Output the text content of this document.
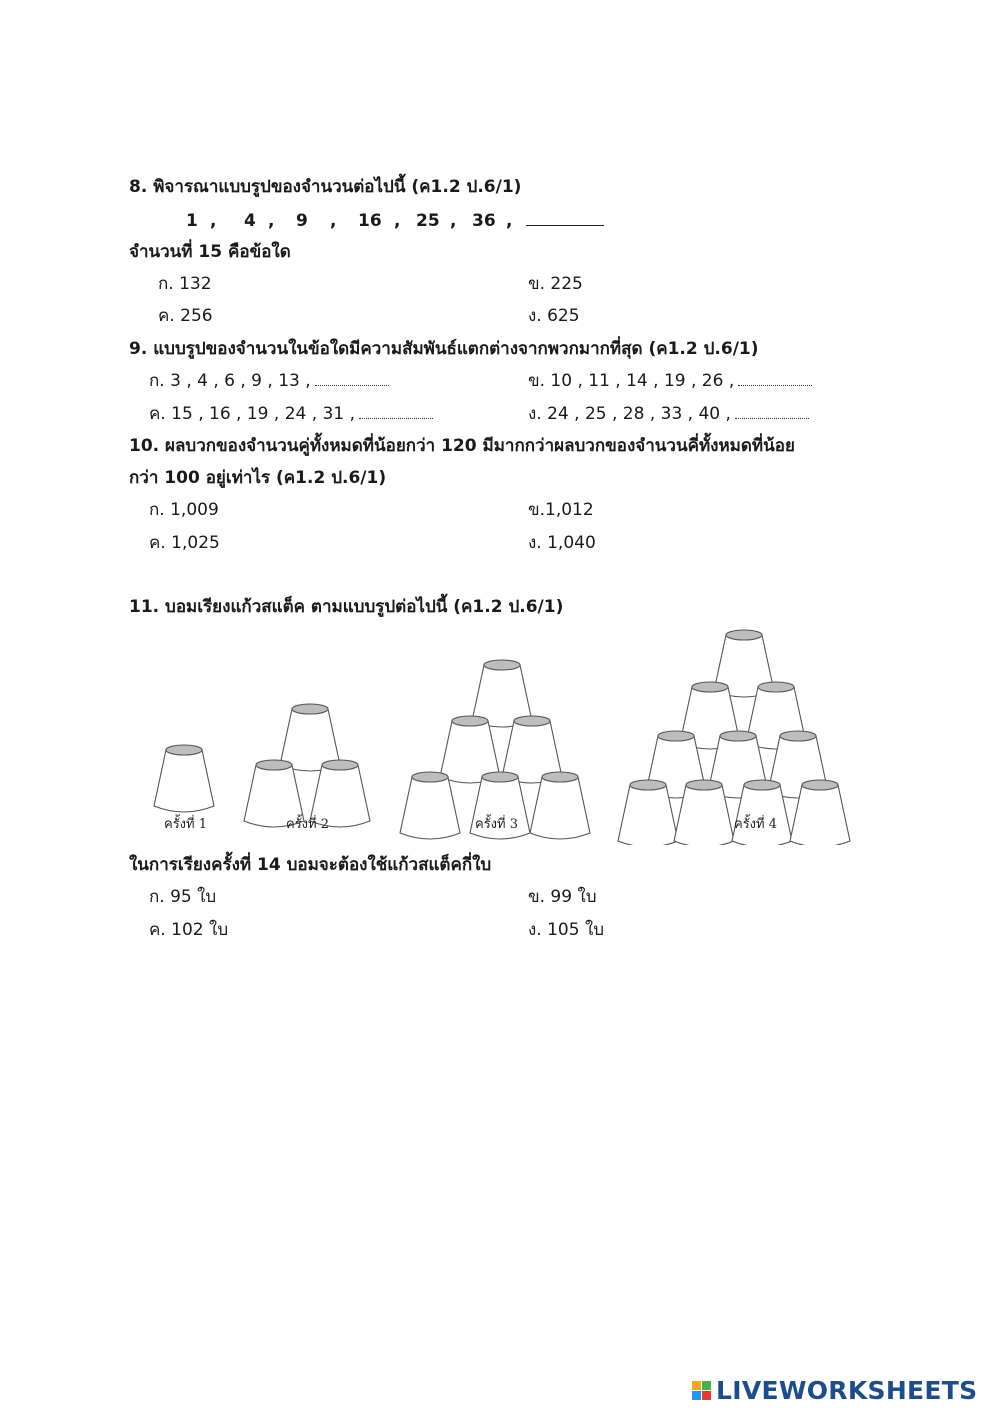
8. พิจารณาแบบรูปของจำนวนต่อไปนี้ (ค1.2 ป.6/1)
1 , 4 , 9 , 16 , 25 , 36 ,
จำนวนที่ 15 คือข้อใด
ก. 132	ข. 225
ค. 256	ง. 625
9. แบบรูปของจำนวนในข้อใดมีความสัมพันธ์แตกต่างจากพวกมากที่สุด (ค1.2 ป.6/1)
ก. 3 , 4 , 6 , 9 , 13 ,	ข. 10 , 11 , 14 , 19 , 26 ,
ค. 15 , 16 , 19 , 24 , 31 ,	ง. 24 , 25 , 28 , 33 , 40 ,
10. ผลบวกของจำนวนคู่ทั้งหมดที่น้อยกว่า 120 มีมากกว่าผลบวกของจำนวนคี่ทั้งหมดที่น้อย
กว่า 100 อยู่เท่าไร (ค1.2 ป.6/1)
ก. 1,009	ข.1,012
ค. 1,025	ง. 1,040
11. บอมเรียงแก้วสแต็ค ตามแบบรูปต่อไปนี้ (ค1.2 ป.6/1)
ครั้งที่ 1	ครั้งที่ 2	ครั้งที่ 3	ครั้งที่ 4
ในการเรียงครั้งที่ 14 บอมจะต้องใช้แก้วสแต็คกี่ใบ
ก. 95 ใบ	ข. 99 ใบ
ค. 102 ใบ	ง. 105 ใบ
LIVEWORKSHEETS
